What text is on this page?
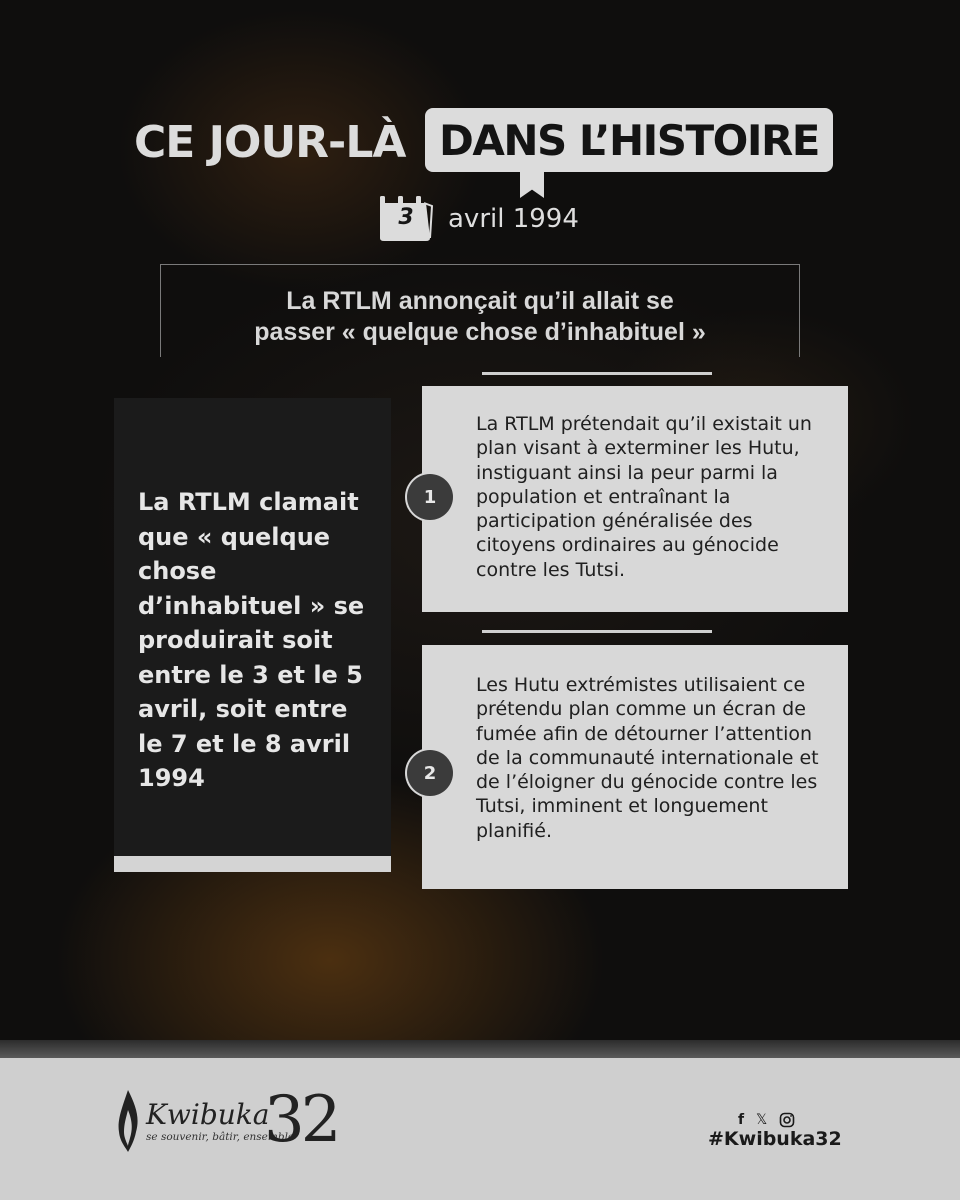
CE JOUR-LÀ DANS L’HISTOIRE
3	avril 1994
La RTLM annonçait qu’il allait se
passer « quelque chose d’inhabituel »
La RTLM clamait que « quelque chose d’inhabituel » se produirait soit entre le 3 et le 5 avril, soit entre le 7 et le 8 avril 1994
La RTLM prétendait qu’il existait un plan visant à exterminer les Hutu, instiguant ainsi la peur parmi la population et entraînant la participation généralisée des citoyens ordinaires au génocide contre les Tutsi.
1
Les Hutu extrémistes utilisaient ce prétendu plan comme un écran de fumée afin de détourner l’attention de la communauté internationale et de l’éloigner du génocide contre les Tutsi, imminent et longuement planifié.
2
Kwibuka
se souvenir, bâtir, ensemble
32	f 𝕏
#Kwibuka32
